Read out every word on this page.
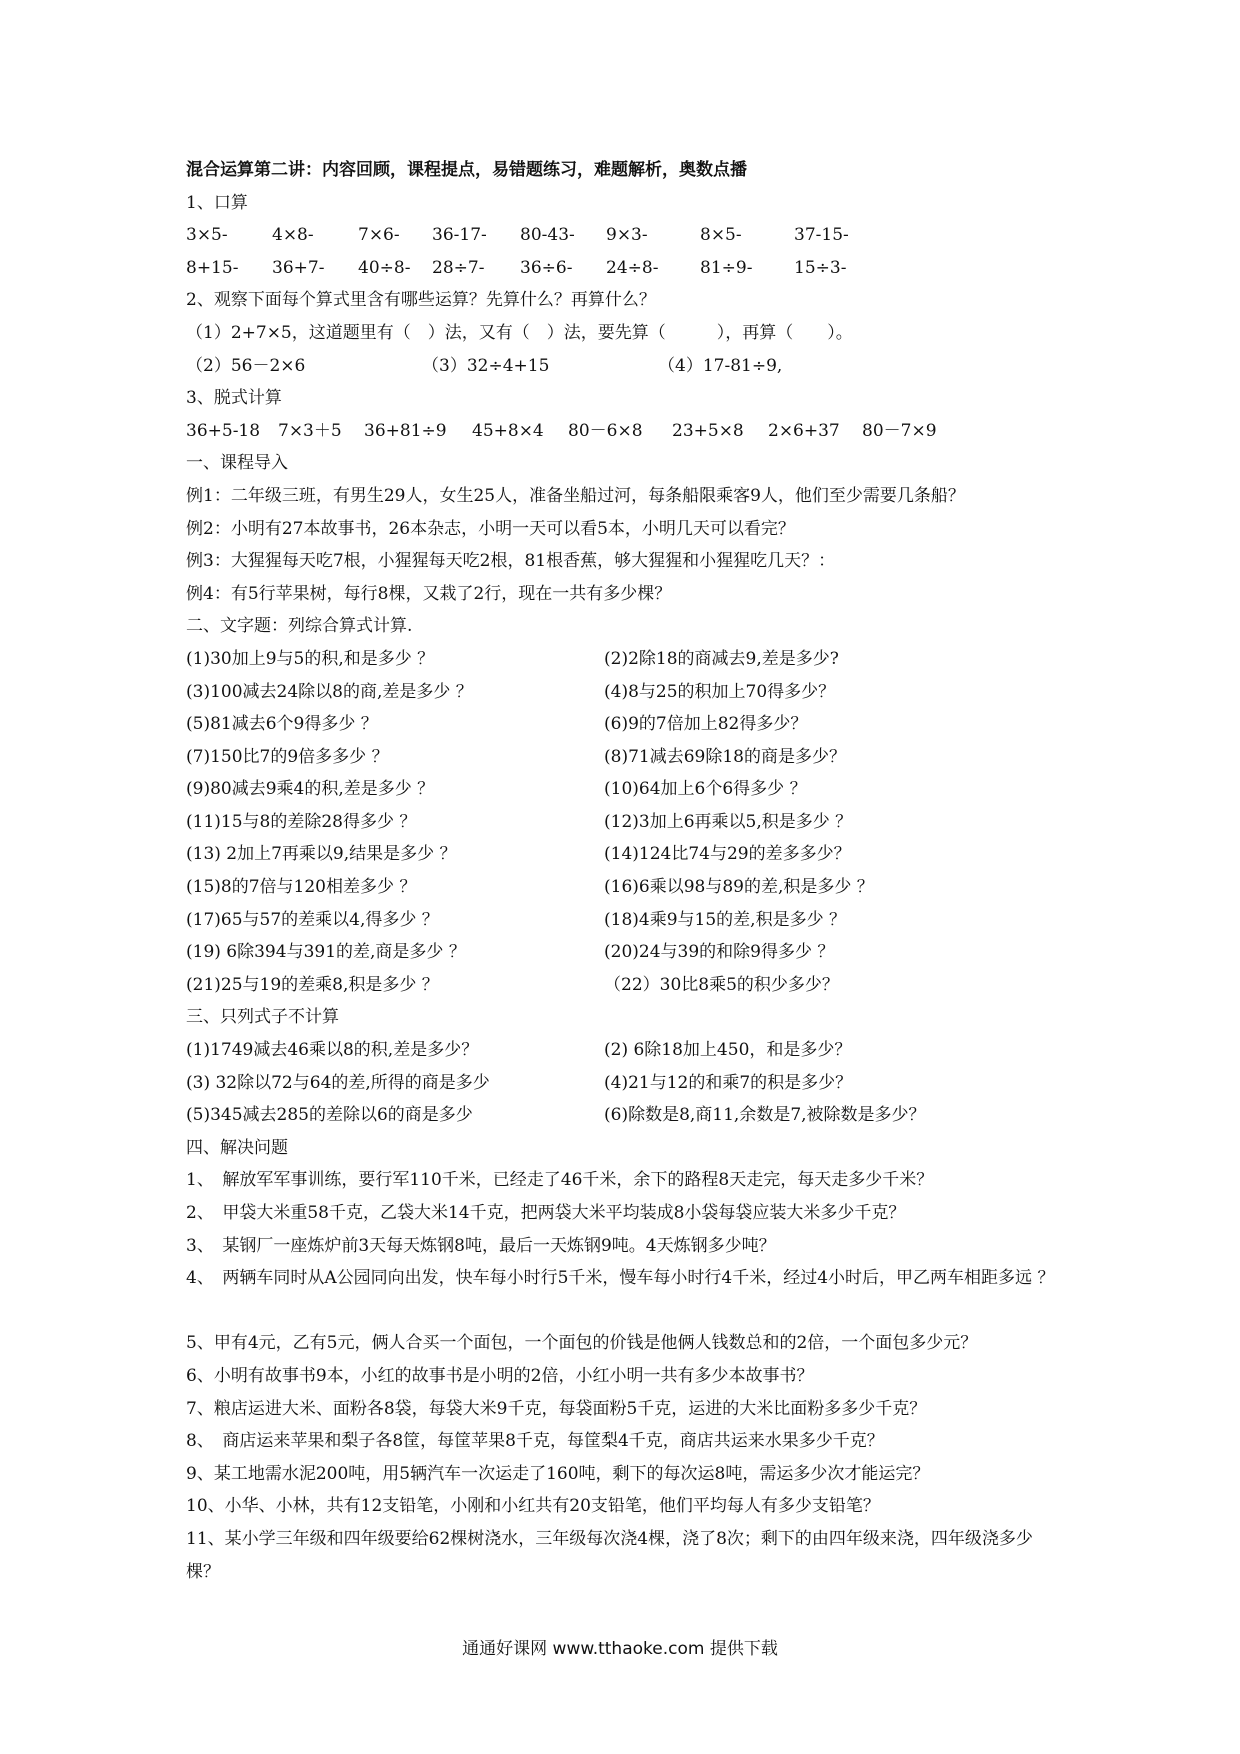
混合运算第二讲：内容回顾，课程提点，易错题练习，难题解析，奥数点播
1、口算
3×5-	4×8-	7×6-	36-17-	80-43-	9×3-	8×5-	37-15-
8+15-	36+7-	40÷8-	28÷7-	36÷6-	24÷8-	81÷9-	15÷3-
2、观察下面每个算式里含有哪些运算？先算什么？再算什么？
（1）2+7×5，这道题里有（　）法，又有（　）法，要先算（　　　），再算（　　）。
（2）56－2×6	（3）32÷4+15	（4）17-81÷9,
3、脱式计算
36+5-18	7×3＋5	36+81÷9	45+8×4	80－6×8	23+5×8	2×6+37	80－7×9
一、课程导入
例1：二年级三班，有男生29人，女生25人，准备坐船过河，每条船限乘客9人，他们至少需要几条船？
例2：小明有27本故事书，26本杂志，小明一天可以看5本，小明几天可以看完？
例3：大猩猩每天吃7根，小猩猩每天吃2根，81根香蕉，够大猩猩和小猩猩吃几天？：
例4：有5行苹果树，每行8棵，又栽了2行，现在一共有多少棵？
二、文字题：列综合算式计算.
(1)30加上9与5的积,和是多少 ？	(2)2除18的商减去9,差是多少?
(3)100减去24除以8的商,差是多少 ？	(4)8与25的积加上70得多少？
(5)81减去6个9得多少 ？	(6)9的7倍加上82得多少？
(7)150比7的9倍多多少 ？	(8)71减去69除18的商是多少？
(9)80减去9乘4的积,差是多少 ？	(10)64加上6个6得多少 ？
(11)15与8的差除28得多少 ？	(12)3加上6再乘以5,积是多少 ？
(13) 2加上7再乘以9,结果是多少 ？	(14)124比74与29的差多多少？
(15)8的7倍与120相差多少 ？	(16)6乘以98与89的差,积是多少 ？
(17)65与57的差乘以4,得多少 ？	(18)4乘9与15的差,积是多少 ？
(19) 6除394与391的差,商是多少 ？	(20)24与39的和除9得多少 ？
(21)25与19的差乘8,积是多少 ？	（22）30比8乘5的积少多少？
三、只列式子不计算
(1)1749减去46乘以8的积,差是多少？	(2) 6除18加上450，和是多少？
(3) 32除以72与64的差,所得的商是多少	(4)21与12的和乘7的积是多少？
(5)345减去285的差除以6的商是多少	(6)除数是8,商11,余数是7,被除数是多少？
四、解决问题
1、　解放军军事训练，要行军110千米，已经走了46千米，余下的路程8天走完，每天走多少千米？
2、　甲袋大米重58千克，乙袋大米14千克，把两袋大米平均装成8小袋每袋应装大米多少千克？
3、　某钢厂一座炼炉前3天每天炼钢8吨，最后一天炼钢9吨。4天炼钢多少吨？
4、　两辆车同时从A公园同向出发，快车每小时行5千米，慢车每小时行4千米，经过4小时后，甲乙两车相距多远 ？
5、甲有4元，乙有5元，俩人合买一个面包，一个面包的价钱是他俩人钱数总和的2倍，一个面包多少元？
6、小明有故事书9本，小红的故事书是小明的2倍，小红小明一共有多少本故事书？
7、粮店运进大米、面粉各8袋，每袋大米9千克，每袋面粉5千克，运进的大米比面粉多多少千克？
8、　商店运来苹果和梨子各8筐，每筐苹果8千克，每筐梨4千克，商店共运来水果多少千克？
9、某工地需水泥200吨，用5辆汽车一次运走了160吨，剩下的每次运8吨，需运多少次才能运完？
10、小华、小林，共有12支铅笔，小刚和小红共有20支铅笔，他们平均每人有多少支铅笔？
11、某小学三年级和四年级要给62棵树浇水，三年级每次浇4棵，浇了8次；剩下的由四年级来浇，四年级浇多少棵？
通通好课网 www.tthaoke.com 提供下载
